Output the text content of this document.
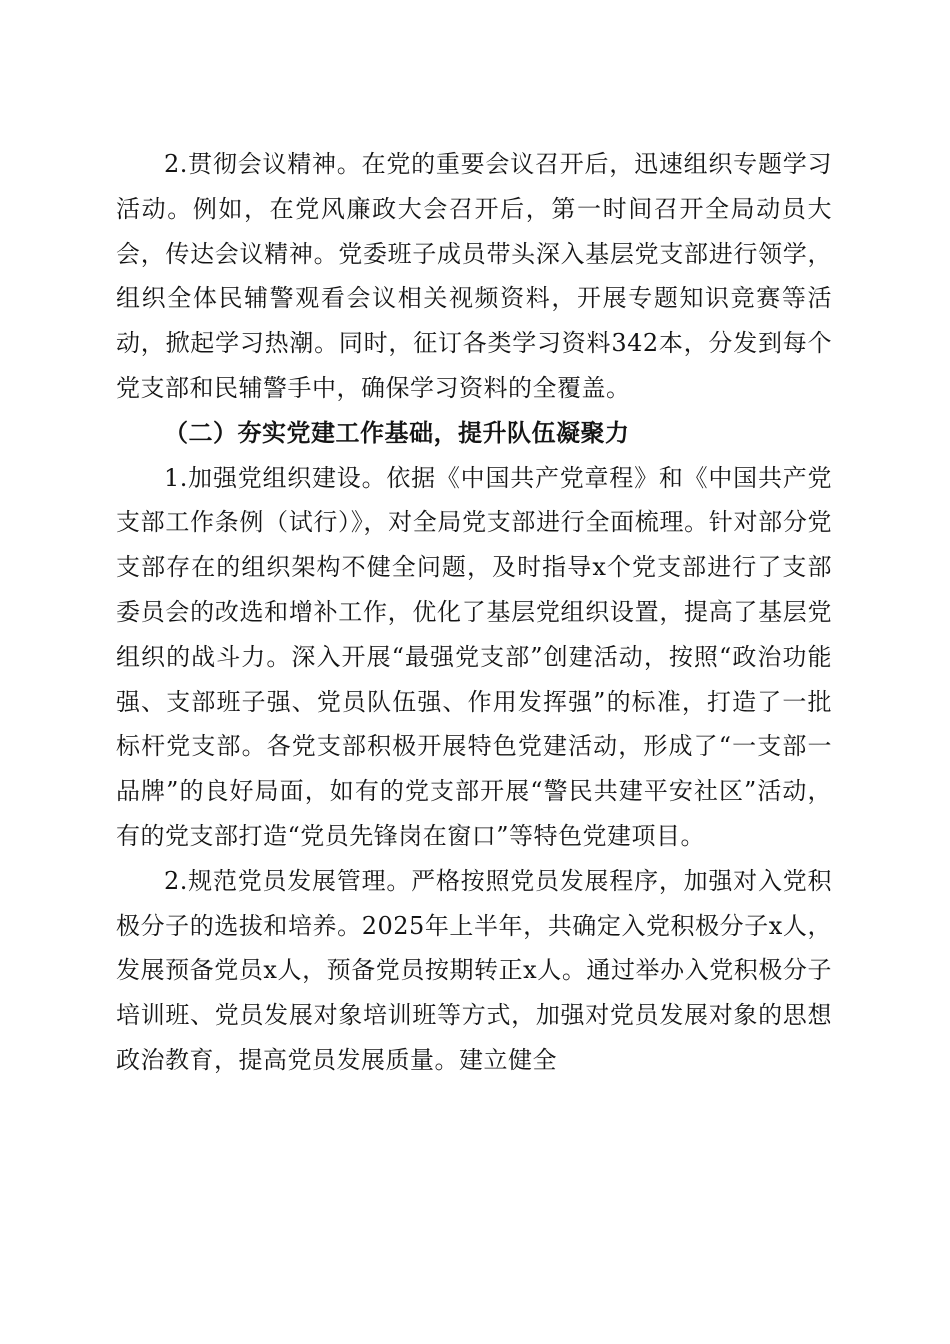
2.贯彻会议精神。在党的重要会议召开后，迅速组织专题学习活动。例如，在党风廉政大会召开后，第一时间召开全局动员大会，传达会议精神。党委班子成员带头深入基层党支部进行领学，组织全体民辅警观看会议相关视频资料，开展专题知识竞赛等活动，掀起学习热潮。同时，征订各类学习资料342本，分发到每个党支部和民辅警手中，确保学习资料的全覆盖。

（二）夯实党建工作基础，提升队伍凝聚力

1.加强党组织建设。依据《中国共产党章程》和《中国共产党支部工作条例（试行）》，对全局党支部进行全面梳理。针对部分党支部存在的组织架构不健全问题，及时指导x个党支部进行了支部委员会的改选和增补工作，优化了基层党组织设置，提高了基层党组织的战斗力。深入开展“最强党支部”创建活动，按照“政治功能强、支部班子强、党员队伍强、作用发挥强”的标准，打造了一批标杆党支部。各党支部积极开展特色党建活动，形成了“一支部一品牌”的良好局面，如有的党支部开展“警民共建平安社区”活动，有的党支部打造“党员先锋岗在窗口”等特色党建项目。

2.规范党员发展管理。严格按照党员发展程序，加强对入党积极分子的选拔和培养。2025年上半年，共确定入党积极分子x人，发展预备党员x人，预备党员按期转正x人。通过举办入党积极分子培训班、党员发展对象培训班等方式，加强对党员发展对象的思想政治教育，提高党员发展质量。建立健全
